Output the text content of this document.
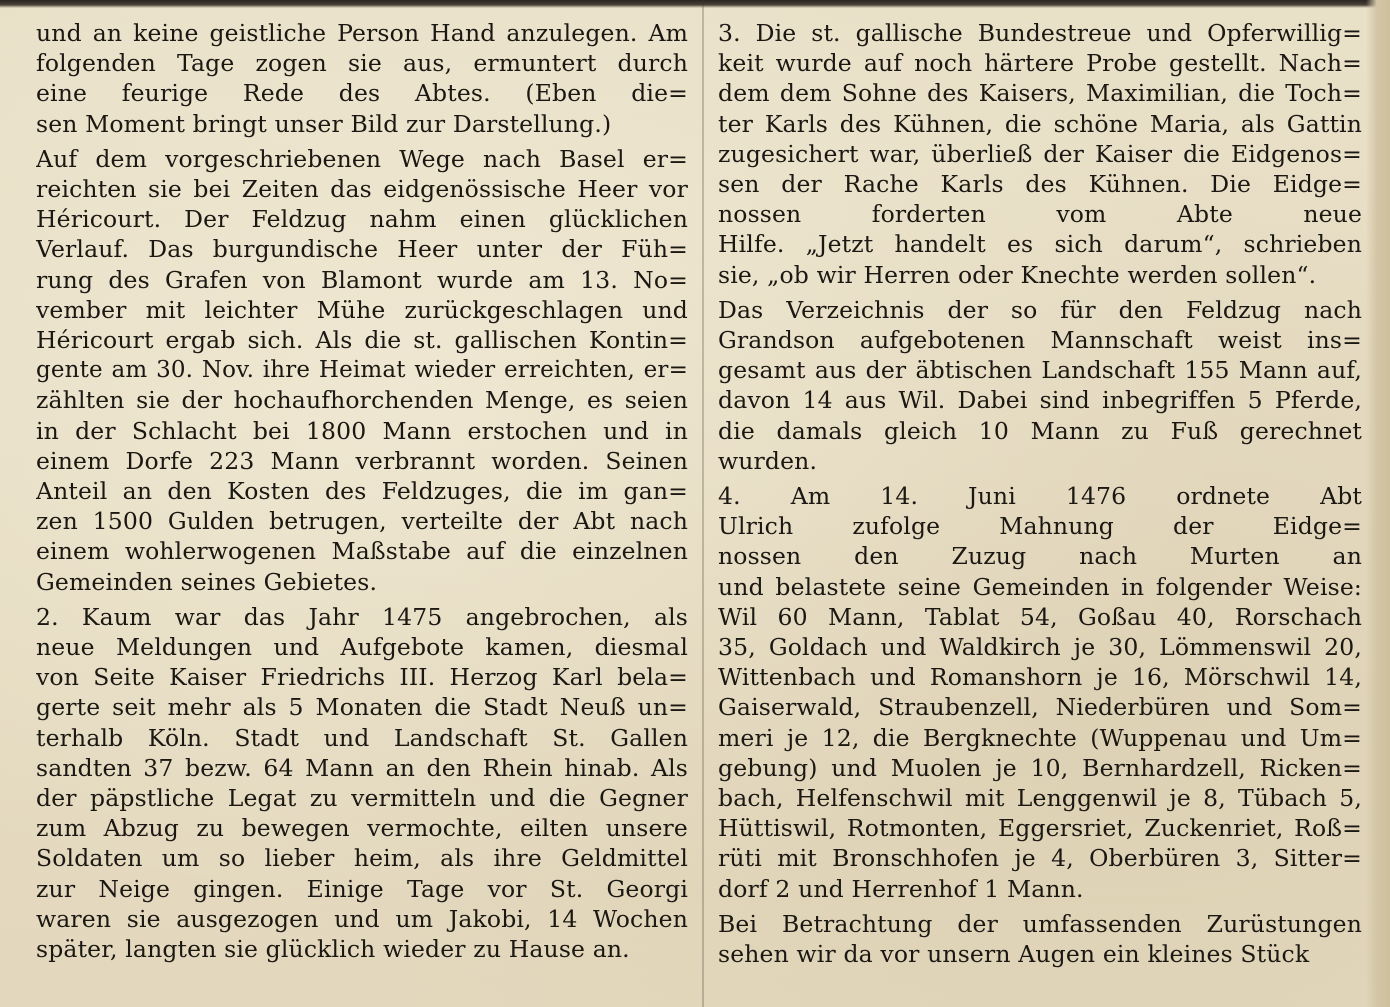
und an keine geistliche Person Hand anzulegen. Am
folgenden Tage zogen sie aus, ermuntert durch
eine feurige Rede des Abtes. (Eben die=
sen Moment bringt unser Bild zur Darstellung.)
Auf dem vorgeschriebenen Wege nach Basel er=
reichten sie bei Zeiten das eidgenössische Heer vor
Héricourt. Der Feldzug nahm einen glücklichen
Verlauf. Das burgundische Heer unter der Füh=
rung des Grafen von Blamont wurde am 13. No=
vember mit leichter Mühe zurückgeschlagen und
Héricourt ergab sich. Als die st. gallischen Kontin=
gente am 30. Nov. ihre Heimat wieder erreichten, er=
zählten sie der hochaufhorchenden Menge, es seien
in der Schlacht bei 1800 Mann erstochen und in
einem Dorfe 223 Mann verbrannt worden. Seinen
Anteil an den Kosten des Feldzuges, die im gan=
zen 1500 Gulden betrugen, verteilte der Abt nach
einem wohlerwogenen Maßstabe auf die einzelnen
Gemeinden seines Gebietes.
2. Kaum war das Jahr 1475 angebrochen, als
neue Meldungen und Aufgebote kamen, diesmal
von Seite Kaiser Friedrichs III. Herzog Karl bela=
gerte seit mehr als 5 Monaten die Stadt Neuß un=
terhalb Köln. Stadt und Landschaft St. Gallen
sandten 37 bezw. 64 Mann an den Rhein hinab. Als
der päpstliche Legat zu vermitteln und die Gegner
zum Abzug zu bewegen vermochte, eilten unsere
Soldaten um so lieber heim, als ihre Geldmittel
zur Neige gingen. Einige Tage vor St. Georgi
waren sie ausgezogen und um Jakobi, 14 Wochen
später, langten sie glücklich wieder zu Hause an.
3. Die st. gallische Bundestreue und Opferwillig=
keit wurde auf noch härtere Probe gestellt. Nach=
dem dem Sohne des Kaisers, Maximilian, die Toch=
ter Karls des Kühnen, die schöne Maria, als Gattin
zugesichert war, überließ der Kaiser die Eidgenos=
sen der Rache Karls des Kühnen. Die Eidge=
nossen forderten vom Abte neue
Hilfe. „Jetzt handelt es sich darum“, schrieben
sie, „ob wir Herren oder Knechte werden sollen“.
Das Verzeichnis der so für den Feldzug nach
Grandson aufgebotenen Mannschaft weist ins=
gesamt aus der äbtischen Landschaft 155 Mann auf,
davon 14 aus Wil. Dabei sind inbegriffen 5 Pferde,
die damals gleich 10 Mann zu Fuß gerechnet
wurden.
4. Am 14. Juni 1476 ordnete Abt
Ulrich zufolge Mahnung der Eidge=
nossen den Zuzug nach Murten an
und belastete seine Gemeinden in folgender Weise:
Wil 60 Mann, Tablat 54, Goßau 40, Rorschach
35, Goldach und Waldkirch je 30, Lömmenswil 20,
Wittenbach und Romanshorn je 16, Mörschwil 14,
Gaiserwald, Straubenzell, Niederbüren und Som=
meri je 12, die Bergknechte (Wuppenau und Um=
gebung) und Muolen je 10, Bernhardzell, Ricken=
bach, Helfenschwil mit Lenggenwil je 8, Tübach 5,
Hüttiswil, Rotmonten, Eggersriet, Zuckenriet, Roß=
rüti mit Bronschhofen je 4, Oberbüren 3, Sitter=
dorf 2 und Herrenhof 1 Mann.
Bei Betrachtung der umfassenden Zurüstungen
sehen wir da vor unsern Augen ein kleines Stück
